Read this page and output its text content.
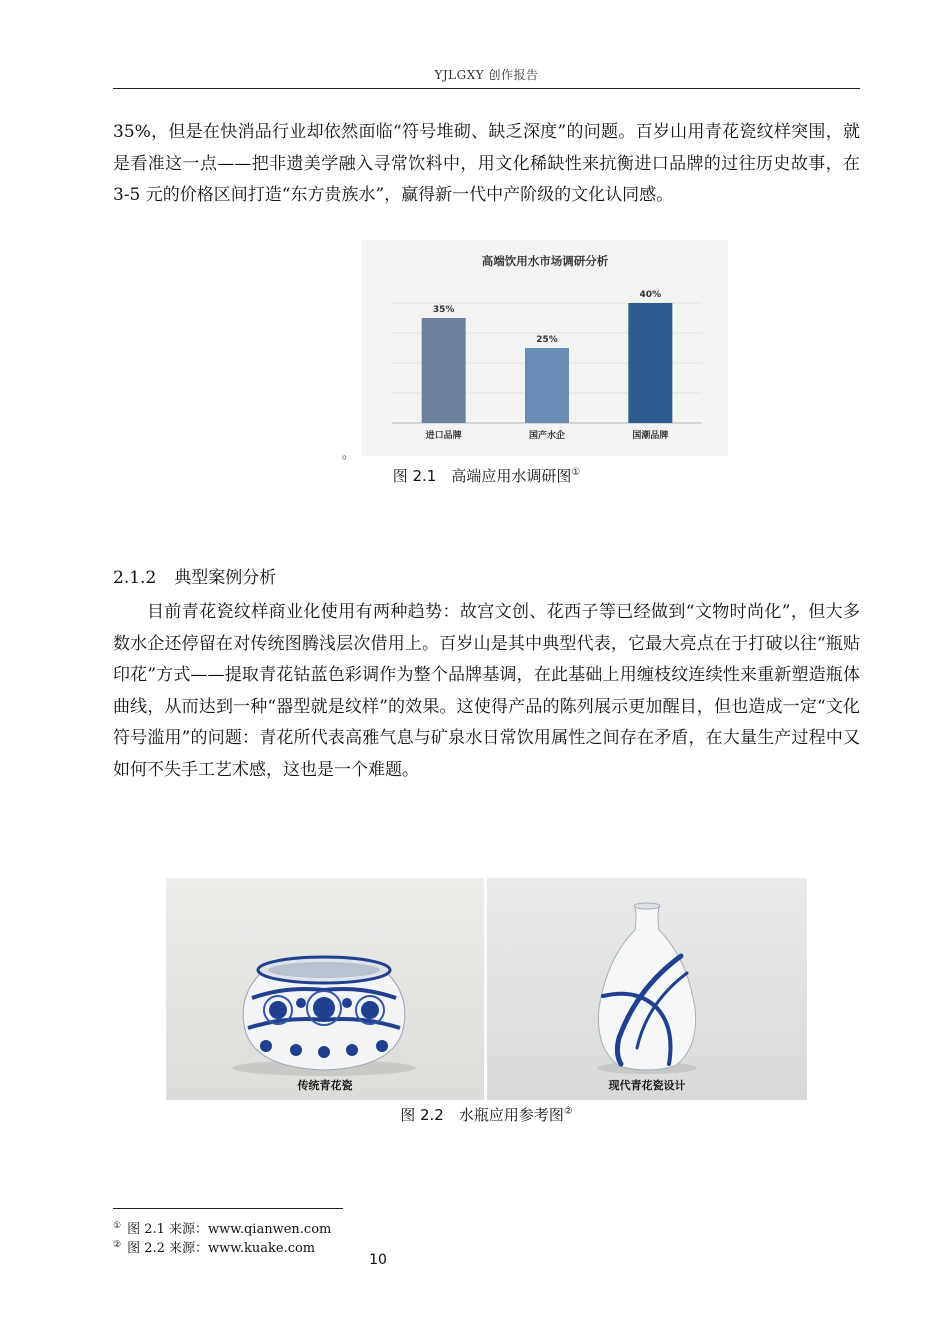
YJLGXY 创作报告

35%，但是在快消品行业却依然面临“符号堆砌、缺乏深度”的问题。百岁山用青花瓷纹样突围，就是看准这一点——把非遗美学融入寻常饮料中，用文化稀缺性来抗衡进口品牌的过往历史故事，在 3-5 元的价格区间打造“东方贵族水”，赢得新一代中产阶级的文化认同感。

高端饮用水市场调研分析
35%
进口品牌
25%
国产水企
40%
国潮品牌
。
图 2.1　高端应用水调研图①
2.1.2 典型案例分析

目前青花瓷纹样商业化使用有两种趋势：故宫文创、花西子等已经做到“文物时尚化”，但大多数水企还停留在对传统图腾浅层次借用上。百岁山是其中典型代表，它最大亮点在于打破以往“瓶贴印花”方式——提取青花钴蓝色彩调作为整个品牌基调，在此基础上用缠枝纹连续性来重新塑造瓶体曲线，从而达到一种“器型就是纹样”的效果。这使得产品的陈列展示更加醒目，但也造成一定“文化符号滥用”的问题：青花所代表高雅气息与矿泉水日常饮用属性之间存在矛盾，在大量生产过程中又如何不失手工艺术感，这也是一个难题。

传统青花瓷	现代青花瓷设计
图 2.2　水瓶应用参考图②
① 图 2.1 来源：www.qianwen.com
② 图 2.2 来源：www.kuake.com
10
